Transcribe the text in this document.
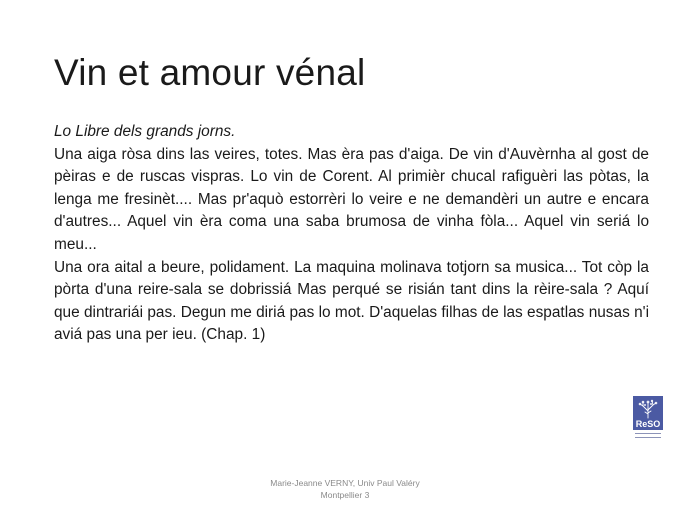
Vin et amour vénal

Lo Libre dels grands jorns.

Una aiga ròsa dins las veires, totes. Mas èra pas d'aiga. De vin d'Auvèrnha al gost de pèiras e de ruscas vispras. Lo vin de Corent. Al primièr chucal rafiguèri las pòtas, la lenga me fresinèt.... Mas pr'aquò estorrèri lo veire e ne demandèri un autre e encara d'autres... Aquel vin èra coma una saba brumosa de vinha fòla... Aquel vin seriá lo meu...

Una ora aital a beure, polidament. La maquina molinava totjorn sa musica... Tot còp la pòrta d'una reire-sala se dobrissiá Mas perqué se risián tant dins la rèire-sala ? Aquí que dintrariái pas. Degun me diriá pas lo mot. D'aquelas filhas de las espatlas nusas n'i aviá pas una per ieu. (Chap. 1)

ReSO
Marie-Jeanne VERNY, Univ Paul Valéry
Montpellier 3
